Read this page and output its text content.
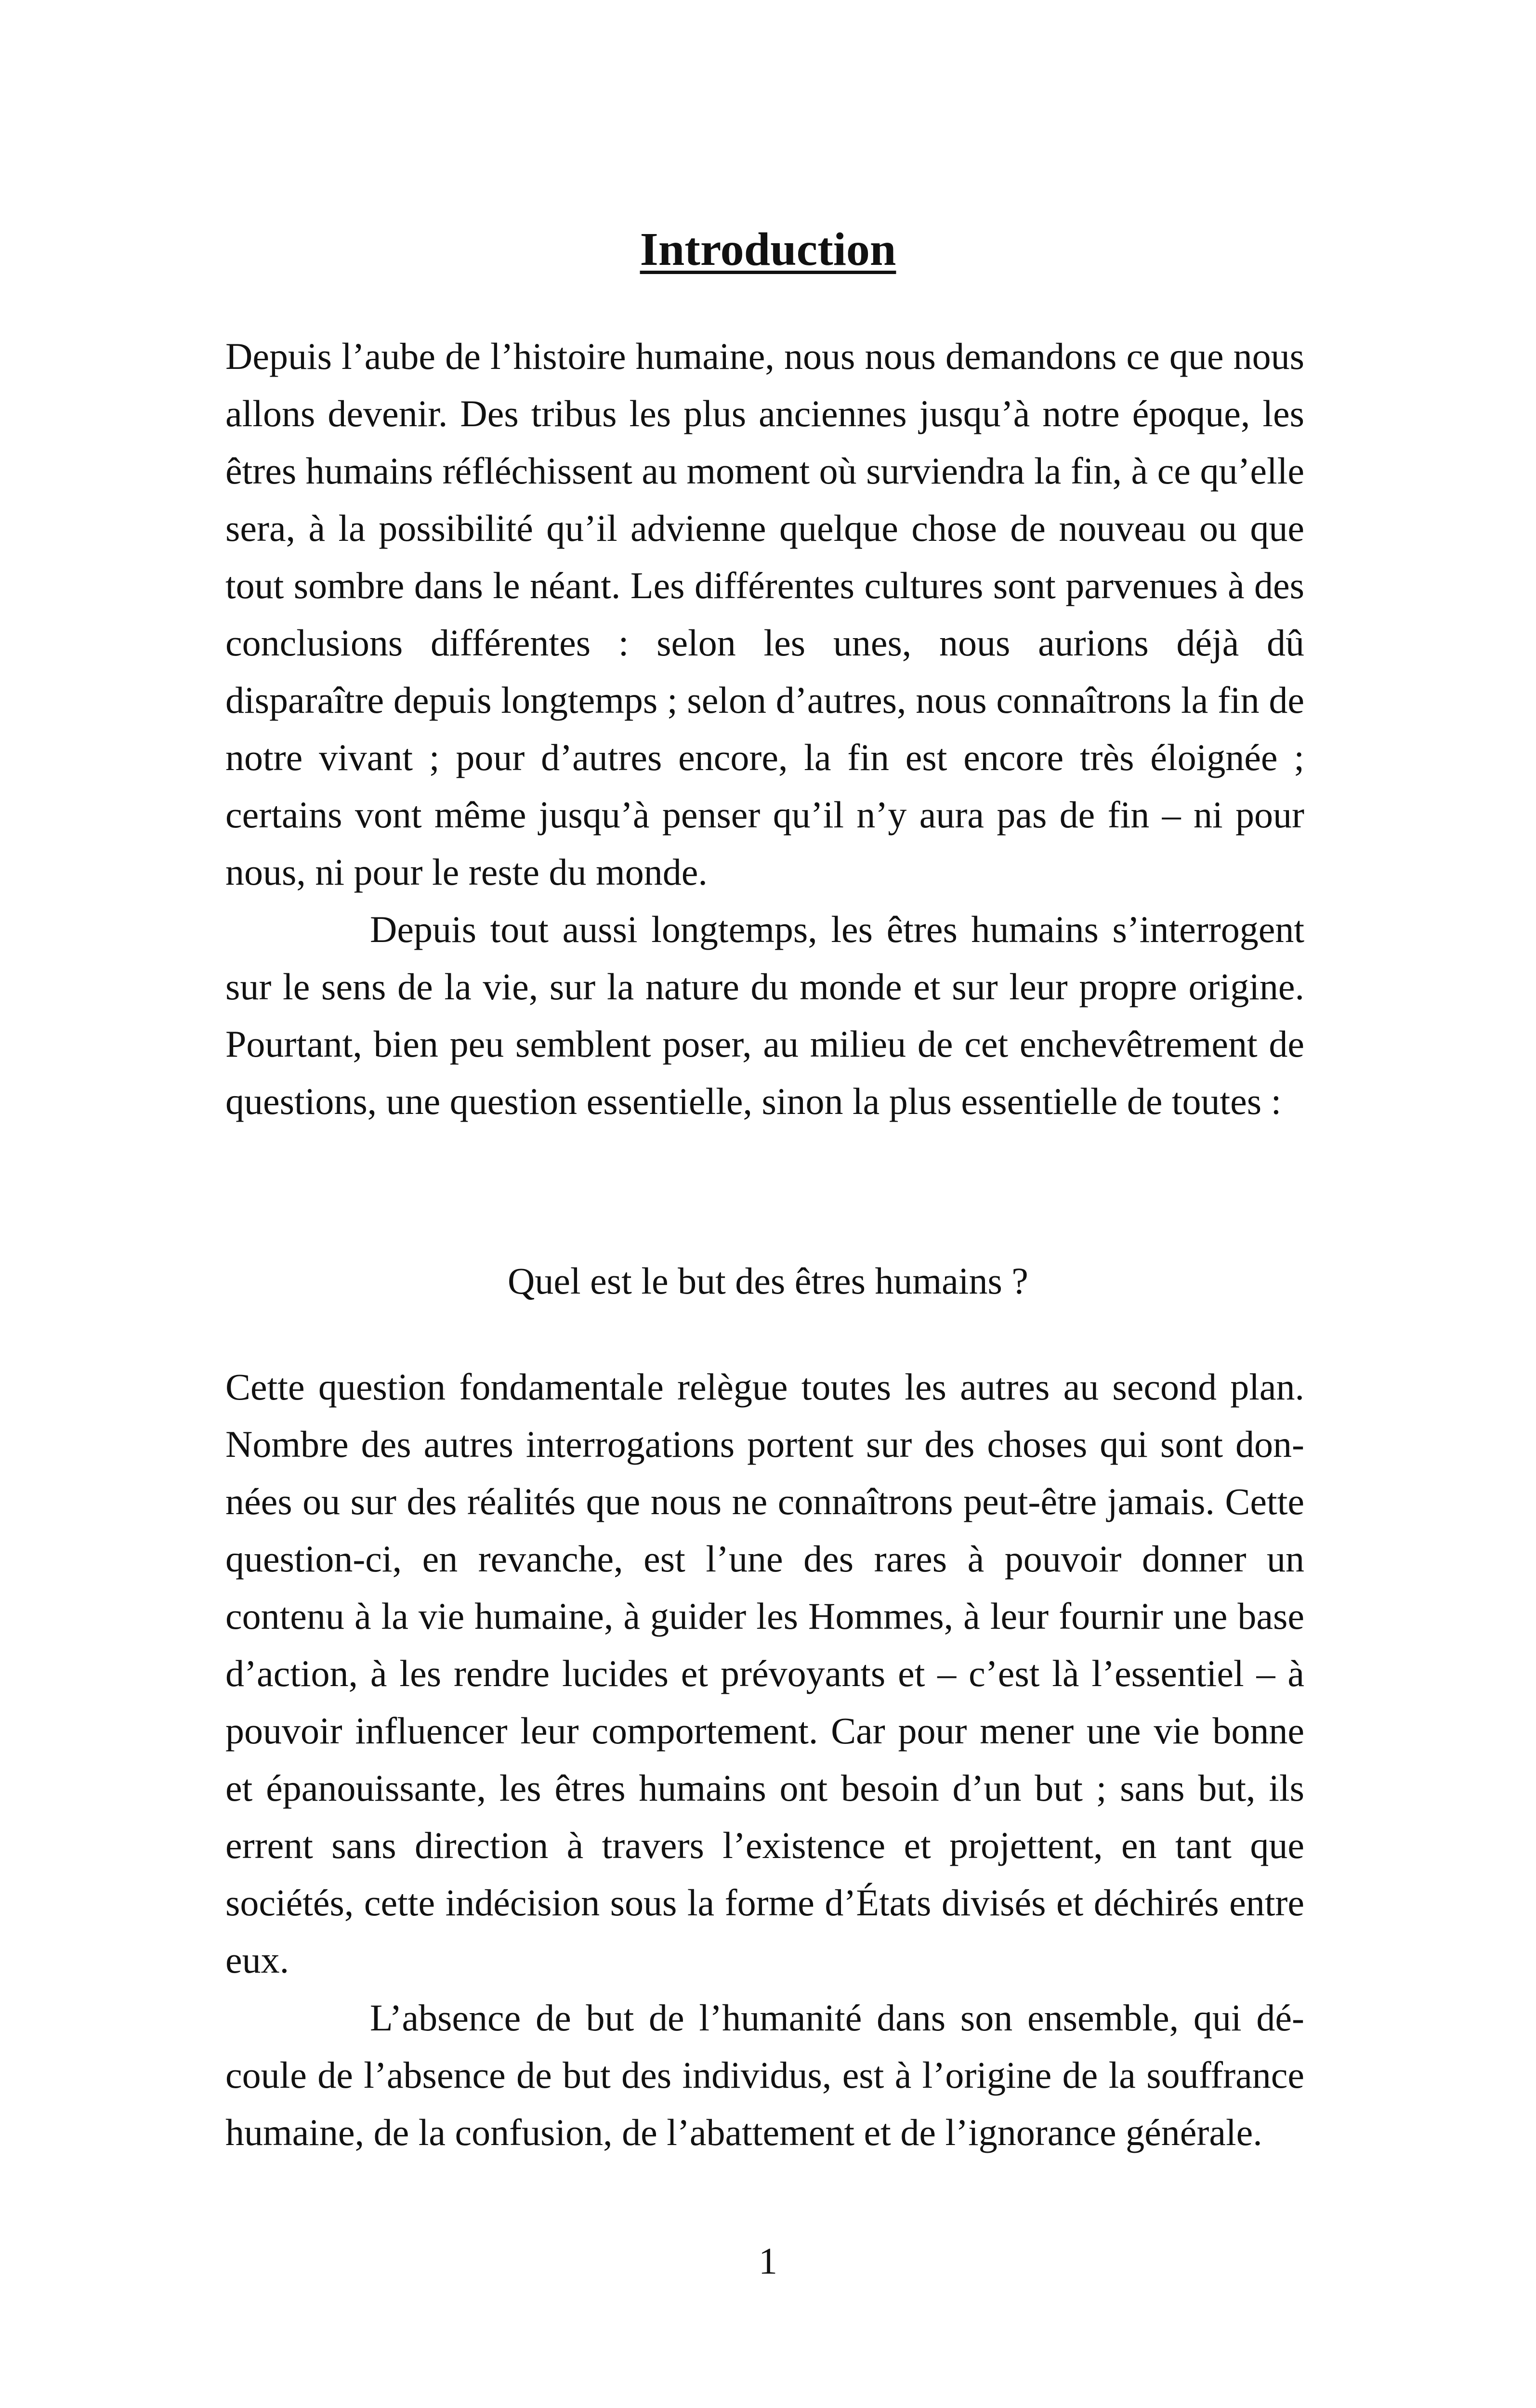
Introduction

Depuis l’aube de l’histoire humaine, nous nous demandons ce que nous allons devenir. Des tribus les plus anciennes jusqu’à notre époque, les êtres humains réfléchissent au moment où surviendra la fin, à ce qu’elle sera, à la possibilité qu’il advienne quelque chose de nouveau ou que tout sombre dans le néant. Les différentes cultures sont parvenues à des conclusions différentes : selon les unes, nous aurions déjà dû disparaître depuis longtemps ; selon d’autres, nous connaîtrons la fin de notre vivant ; pour d’autres encore, la fin est encore très éloignée ; certains vont même jusqu’à penser qu’il n’y aura pas de fin – ni pour nous, ni pour le reste du monde.

Depuis tout aussi longtemps, les êtres humains s’interrogent sur le sens de la vie, sur la nature du monde et sur leur propre origine. Pourtant, bien peu semblent poser, au milieu de cet enchevêtrement de questions, une question essentielle, sinon la plus essentielle de toutes :

Quel est le but des êtres humains ?

Cette question fondamentale relègue toutes les autres au second plan. Nombre des autres interrogations portent sur des choses qui sont données ou sur des réalités que nous ne connaîtrons peut-être jamais. Cette question-ci, en revanche, est l’une des rares à pouvoir donner un contenu à la vie humaine, à guider les Hommes, à leur fournir une base d’action, à les rendre lucides et prévoyants et – c’est là l’essentiel – à pouvoir influencer leur comportement. Car pour mener une vie bonne et épanouissante, les êtres humains ont besoin d’un but ; sans but, ils errent sans direction à travers l’existence et projettent, en tant que sociétés, cette indécision sous la forme d’États divisés et déchirés entre eux.

L’absence de but de l’humanité dans son ensemble, qui découle de l’absence de but des individus, est à l’origine de la souffrance humaine, de la confusion, de l’abattement et de l’ignorance générale.

1
